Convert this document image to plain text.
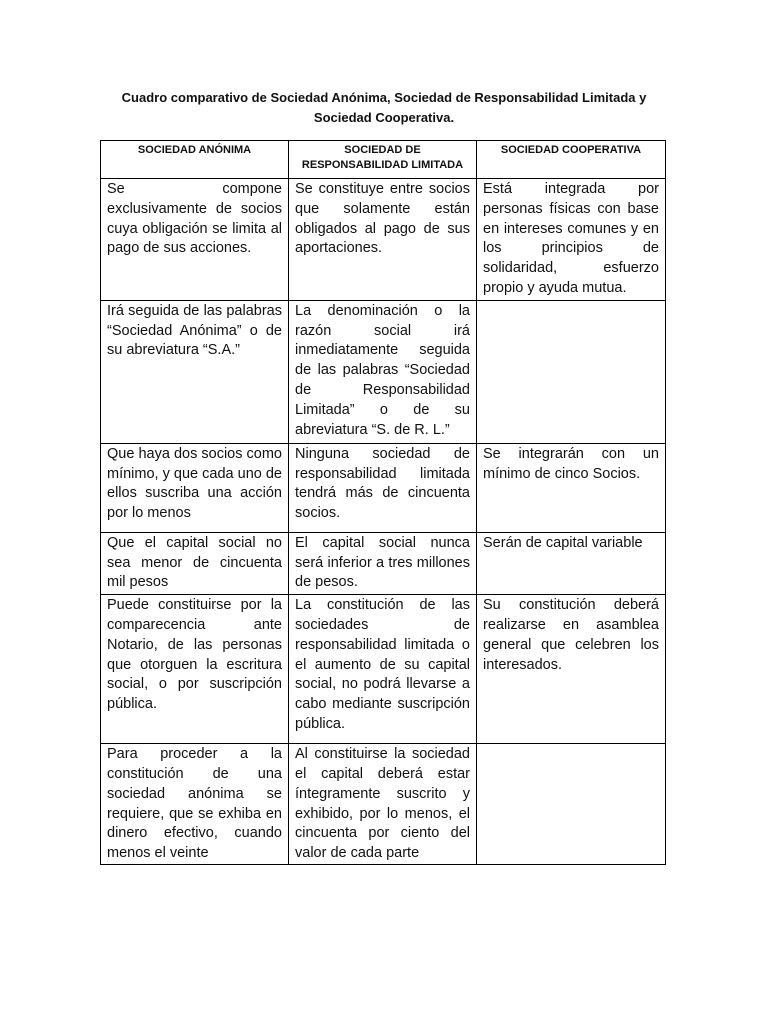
Cuadro comparativo de Sociedad Anónima, Sociedad de Responsabilidad Limitada y Sociedad Cooperativa.
SOCIEDAD ANÓNIMA	SOCIEDAD DE RESPONSABILIDAD LIMITADA	SOCIEDAD COOPERATIVA
Se compone exclusivamente de socios cuya obligación se limita al pago de sus acciones.	Se constituye entre socios que solamente están obligados al pago de sus aportaciones.	Está integrada por personas físicas con base en intereses comunes y en los principios de solidaridad, esfuerzo propio y ayuda mutua.
Irá seguida de las palabras “Sociedad Anónima” o de su abreviatura “S.A.”	La denominación o la razón social irá inmediatamente seguida de las palabras “Sociedad de Responsabilidad Limitada” o de su abreviatura “S. de R. L.”	
Que haya dos socios como mínimo, y que cada uno de ellos suscriba una acción por lo menos	Ninguna sociedad de responsabilidad limitada tendrá más de cincuenta socios.	Se integrarán con un mínimo de cinco Socios.
Que el capital social no sea menor de cincuenta mil pesos	El capital social nunca será inferior a tres millones de pesos.	Serán de capital variable
Puede constituirse por la comparecencia ante Notario, de las personas que otorguen la escritura social, o por suscripción pública.	La constitución de las sociedades de responsabilidad limitada o el aumento de su capital social, no podrá llevarse a cabo mediante suscripción pública.	Su constitución deberá realizarse en asamblea general que celebren los interesados.

Para proceder a la constitución de una sociedad anónima se requiere, que se exhiba en dinero efectivo, cuando menos el veinte	Al constituirse la sociedad el capital deberá estar íntegramente suscrito y exhibido, por lo menos, el cincuenta por ciento del valor de cada parte	
